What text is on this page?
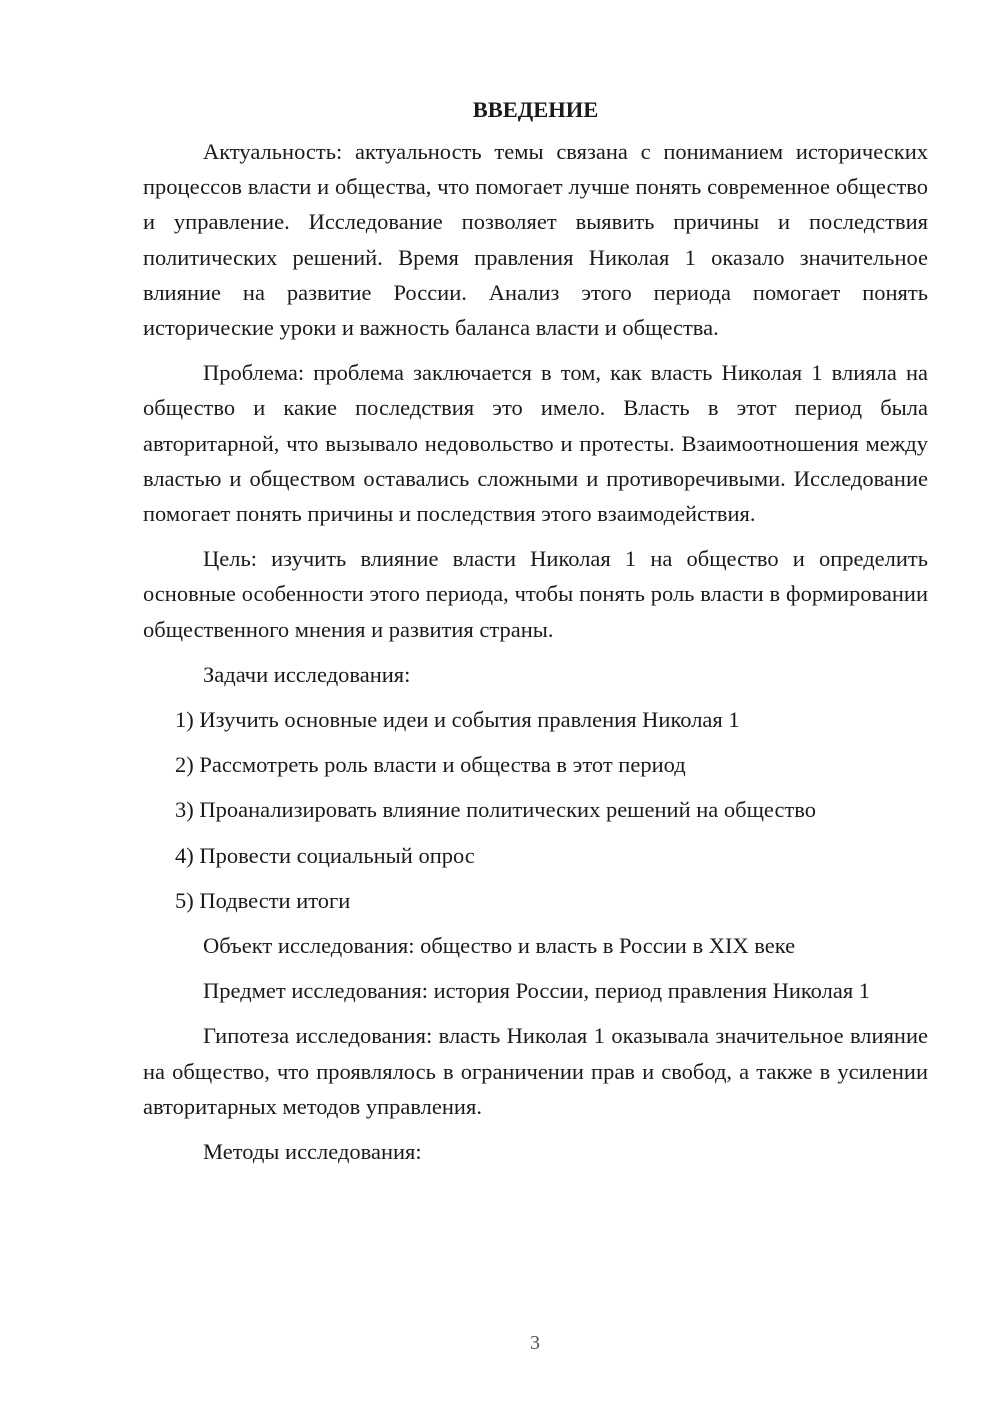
ВВЕДЕНИЕ

Актуальность: актуальность темы связана с пониманием исторических процессов власти и общества, что помогает лучше понять современное общество и управление. Исследование позволяет выявить причины и последствия политических решений. Время правления Николая 1 оказало значительное влияние на развитие России. Анализ этого периода помогает понять исторические уроки и важность баланса власти и общества.

Проблема: проблема заключается в том, как власть Николая 1 влияла на общество и какие последствия это имело. Власть в этот период была авторитарной, что вызывало недовольство и протесты. Взаимоотношения между властью и обществом оставались сложными и противоречивыми. Исследование помогает понять причины и последствия этого взаимодействия.

Цель: изучить влияние власти Николая 1 на общество и определить основные особенности этого периода, чтобы понять роль власти в формировании общественного мнения и развития страны.

Задачи исследования:

1) Изучить основные идеи и события правления Николая 1
2) Рассмотреть роль власти и общества в этот период
3) Проанализировать влияние политических решений на общество
4) Провести социальный опрос
5) Подвести итоги

Объект исследования: общество и власть в России в XIX веке

Предмет исследования: история России, период правления Николая 1

Гипотеза исследования: власть Николая 1 оказывала значительное влияние на общество, что проявлялось в ограничении прав и свобод, а также в усилении авторитарных методов управления.

Методы исследования:

3
